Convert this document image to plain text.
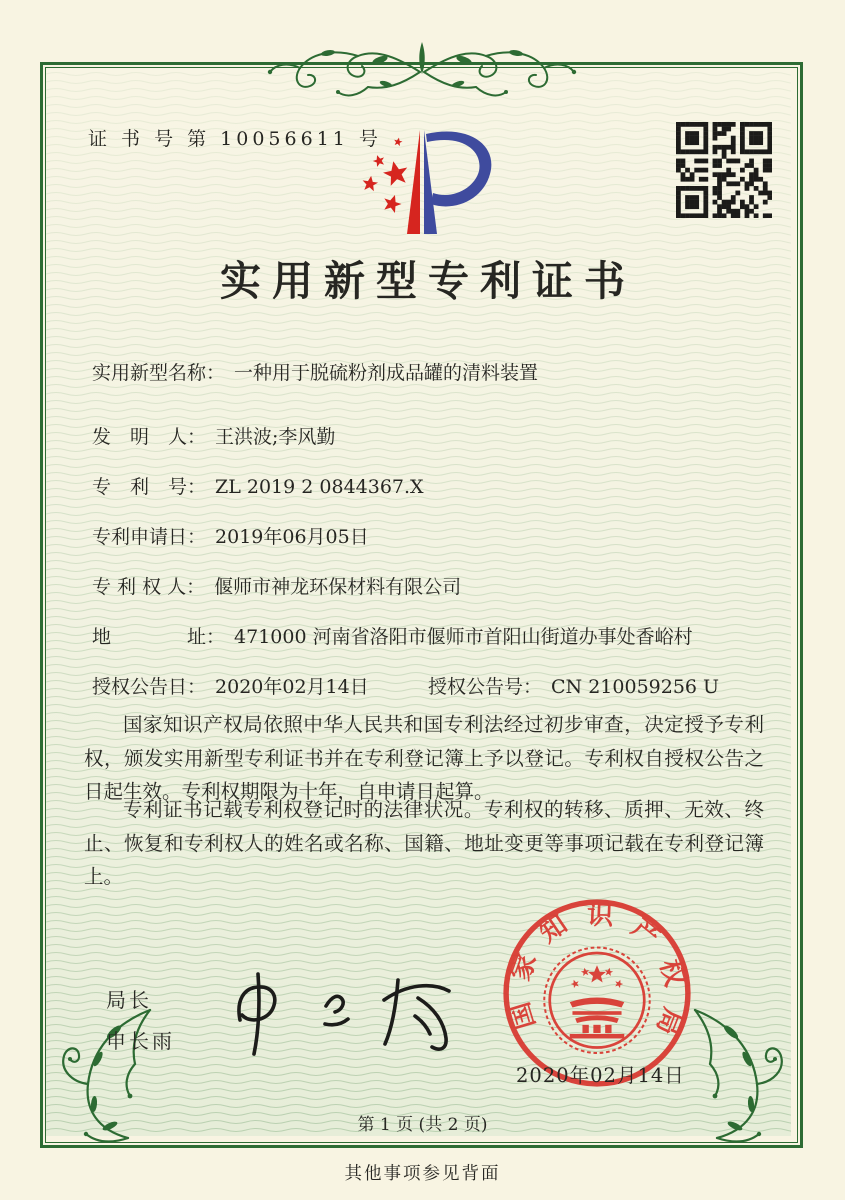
证 书 号 第 10056611 号
实用新型专利证书
实用新型名称： 一种用于脱硫粉剂成品罐的清料装置
发　明　人： 王洪波;李风勤
专　利　号： ZL 2019 2 0844367.X
专利申请日： 2019年06月05日
专 利 权 人： 偃师市神龙环保材料有限公司
地　　　　址： 471000 河南省洛阳市偃师市首阳山街道办事处香峪村
授权公告日： 2020年02月14日	授权公告号： CN 210059256 U
国家知识产权局依照中华人民共和国专利法经过初步审查，决定授予专利权，颁发实用新型专利证书并在专利登记簿上予以登记。专利权自授权公告之日起生效。专利权期限为十年，自申请日起算。
专利证书记载专利权登记时的法律状况。专利权的转移、质押、无效、终止、恢复和专利权人的姓名或名称、国籍、地址变更等事项记载在专利登记簿上。
局长
申长雨
国家知识产权局
2020年02月14日
第 1 页 (共 2 页)
其他事项参见背面
